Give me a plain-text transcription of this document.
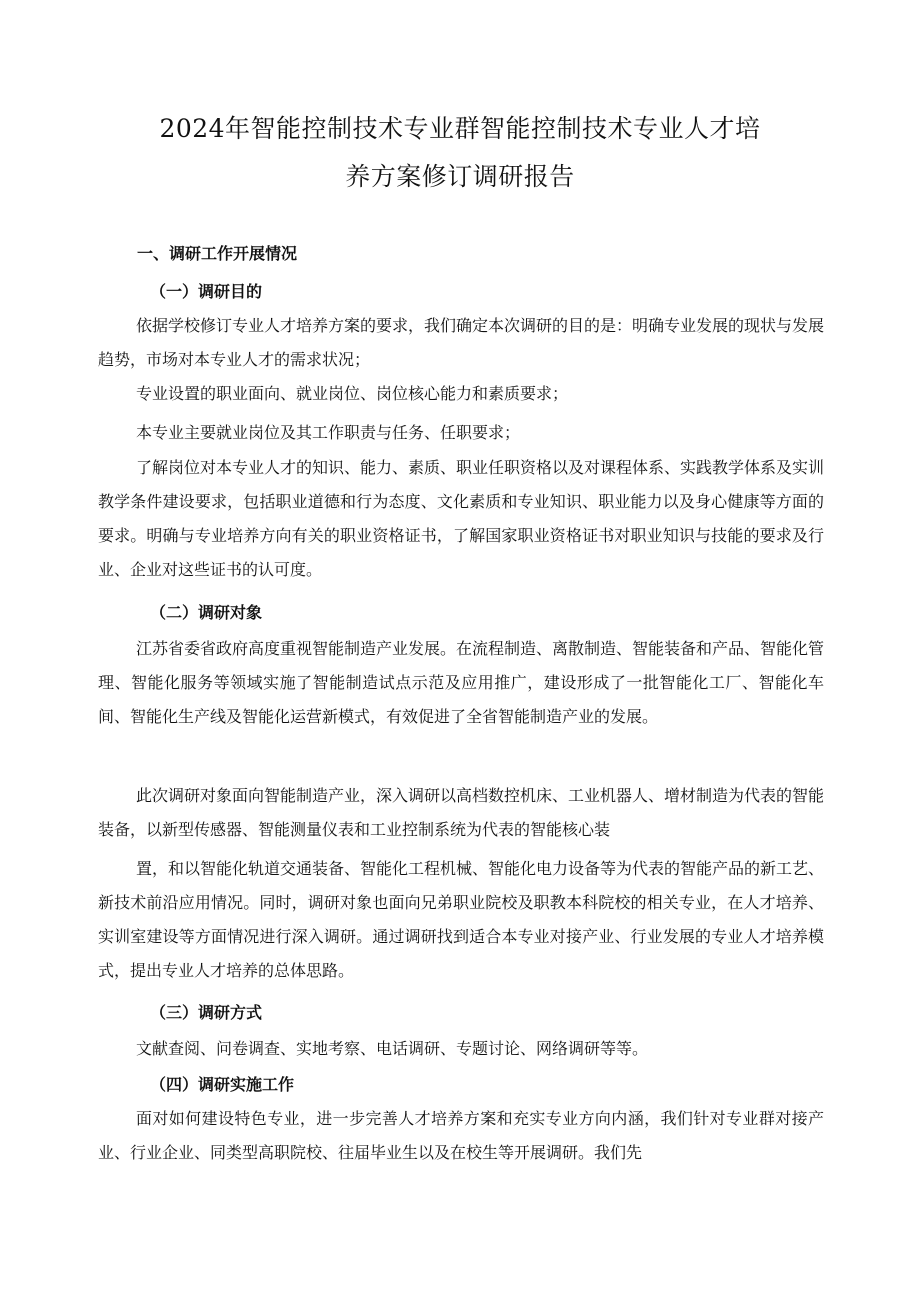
2024年智能控制技术专业群智能控制技术专业人才培
养方案修订调研报告
一、调研工作开展情况
（一）调研目的

依据学校修订专业人才培养方案的要求，我们确定本次调研的目的是：明确专业发展的现状与发展趋势，市场对本专业人才的需求状况；

专业设置的职业面向、就业岗位、岗位核心能力和素质要求；

本专业主要就业岗位及其工作职责与任务、任职要求；

了解岗位对本专业人才的知识、能力、素质、职业任职资格以及对课程体系、实践教学体系及实训教学条件建设要求，包括职业道德和行为态度、文化素质和专业知识、职业能力以及身心健康等方面的要求。明确与专业培养方向有关的职业资格证书，了解国家职业资格证书对职业知识与技能的要求及行业、企业对这些证书的认可度。

（二）调研对象

江苏省委省政府高度重视智能制造产业发展。在流程制造、离散制造、智能装备和产品、智能化管理、智能化服务等领域实施了智能制造试点示范及应用推广，建设形成了一批智能化工厂、智能化车间、智能化生产线及智能化运营新模式，有效促进了全省智能制造产业的发展。

此次调研对象面向智能制造产业，深入调研以高档数控机床、工业机器人、增材制造为代表的智能装备，以新型传感器、智能测量仪表和工业控制系统为代表的智能核心装

置，和以智能化轨道交通装备、智能化工程机械、智能化电力设备等为代表的智能产品的新工艺、新技术前沿应用情况。同时，调研对象也面向兄弟职业院校及职教本科院校的相关专业，在人才培养、实训室建设等方面情况进行深入调研。通过调研找到适合本专业对接产业、行业发展的专业人才培养模式，提出专业人才培养的总体思路。

（三）调研方式

文献查阅、问卷调查、实地考察、电话调研、专题讨论、网络调研等等。

（四）调研实施工作

面对如何建设特色专业，进一步完善人才培养方案和充实专业方向内涵，我们针对专业群对接产业、行业企业、同类型高职院校、往届毕业生以及在校生等开展调研。我们先
